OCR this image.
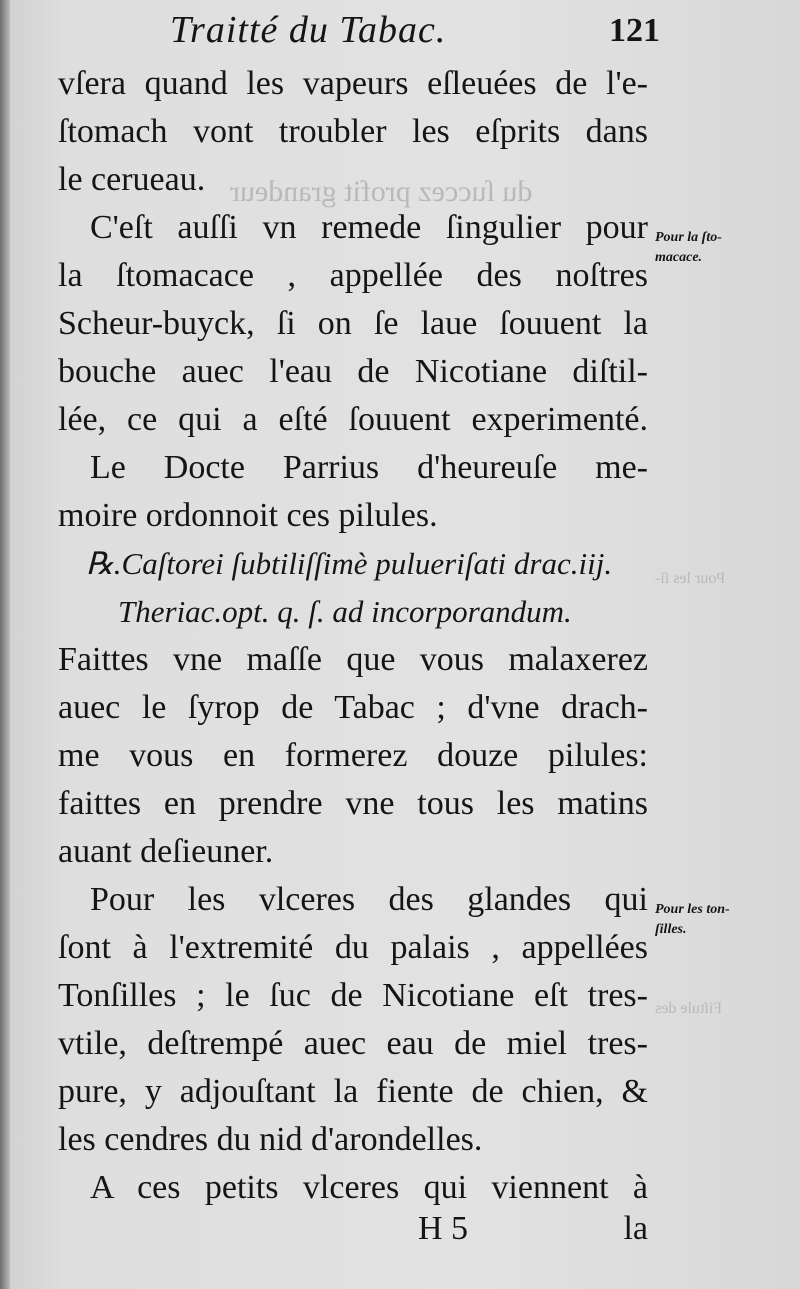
du ſuccez profit grandeur
Pour les ſi-
Fiſtule des
Traitté du Tabac.	121
vſera quand les vapeurs eſleuées de l'e-
ſtomach vont troubler les eſprits dans
le cerueau.
C'eſt auſſi vn remede ſingulier pour
la ſtomacace , appellée des noſtres
Scheur-buyck, ſi on ſe laue ſouuent la
bouche auec l'eau de Nicotiane diſtil-
lée, ce qui a eſté ſouuent experimenté.
Le Docte Parrius d'heureuſe me-
moire ordonnoit ces pilules.
℞.Caſtorei ſubtiliſſimè pulueriſati drac.iij.
Theriac.opt. q. ſ. ad incorporandum.
Faittes vne maſſe que vous malaxerez
auec le ſyrop de Tabac ; d'vne drach-
me vous en formerez douze pilules:
faittes en prendre vne tous les matins
auant deſieuner.
Pour les vlceres des glandes qui
ſont à l'extremité du palais , appellées
Tonſilles ; le ſuc de Nicotiane eſt tres-
vtile, deſtrempé auec eau de miel tres-
pure, y adjouſtant la fiente de chien, &
les cendres du nid d'arondelles.
A ces petits vlceres qui viennent à
Pour la ſto-
macace.
Pour les ton-
ſilles.
H 5	la
